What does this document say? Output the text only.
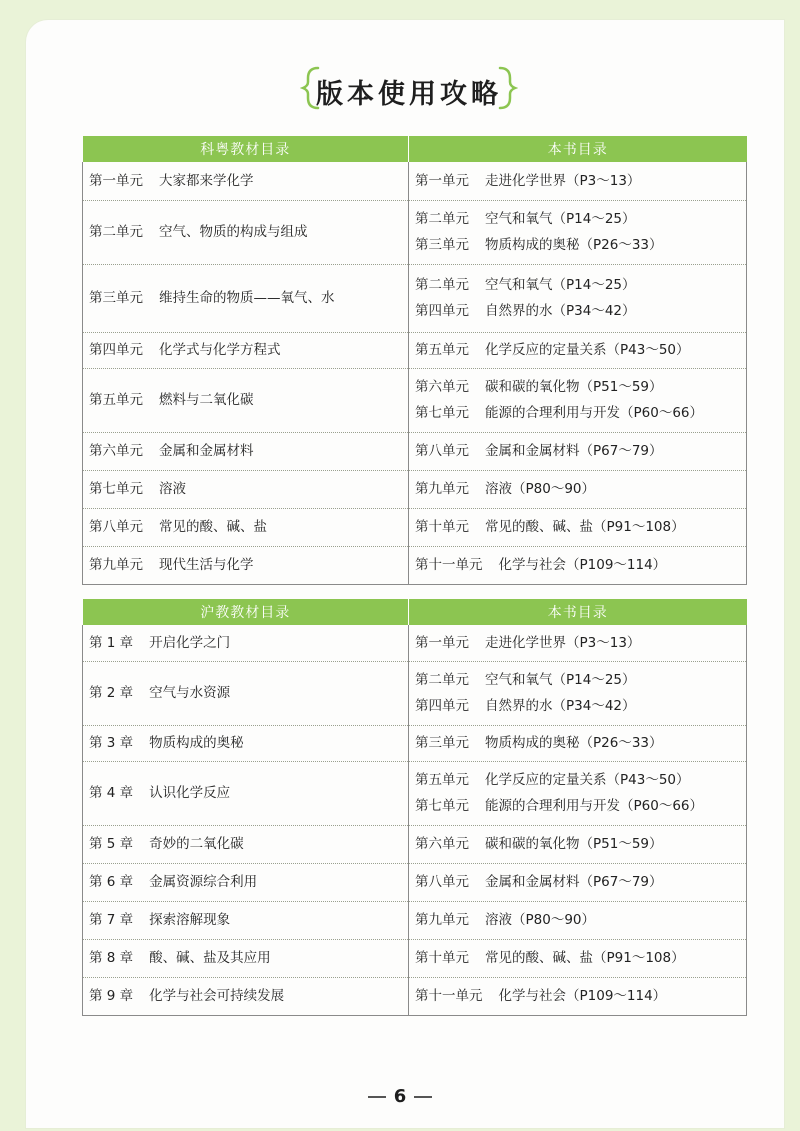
版本使用攻略
科粤教材目录	本书目录

第一单元 大家都来学化学	第一单元 走进化学世界（P3～13）

第二单元 空气、物质的构成与组成	第二单元 空气和氧气（P14～25）
第三单元 物质构成的奥秘（P26～33）

第三单元 维持生命的物质——氧气、水	第二单元 空气和氧气（P14～25）
第四单元 自然界的水（P34～42）

第四单元 化学式与化学方程式	第五单元 化学反应的定量关系（P43～50）

第五单元 燃料与二氧化碳	第六单元 碳和碳的氧化物（P51～59）
第七单元 能源的合理利用与开发（P60～66）

第六单元 金属和金属材料	第八单元 金属和金属材料（P67～79）

第七单元 溶液	第九单元 溶液（P80～90）

第八单元 常见的酸、碱、盐	第十单元 常见的酸、碱、盐（P91～108）

第九单元 现代生活与化学	第十一单元 化学与社会（P109～114）
沪教教材目录	本书目录

第 1 章 开启化学之门	第一单元 走进化学世界（P3～13）

第 2 章 空气与水资源	第二单元 空气和氧气（P14～25）
第四单元 自然界的水（P34～42）

第 3 章 物质构成的奥秘	第三单元 物质构成的奥秘（P26～33）

第 4 章 认识化学反应	第五单元 化学反应的定量关系（P43～50）
第七单元 能源的合理利用与开发（P60～66）

第 5 章 奇妙的二氧化碳	第六单元 碳和碳的氧化物（P51～59）

第 6 章 金属资源综合利用	第八单元 金属和金属材料（P67～79）

第 7 章 探索溶解现象	第九单元 溶液（P80～90）

第 8 章 酸、碱、盐及其应用	第十单元 常见的酸、碱、盐（P91～108）

第 9 章 化学与社会可持续发展	第十一单元 化学与社会（P109～114）
6
